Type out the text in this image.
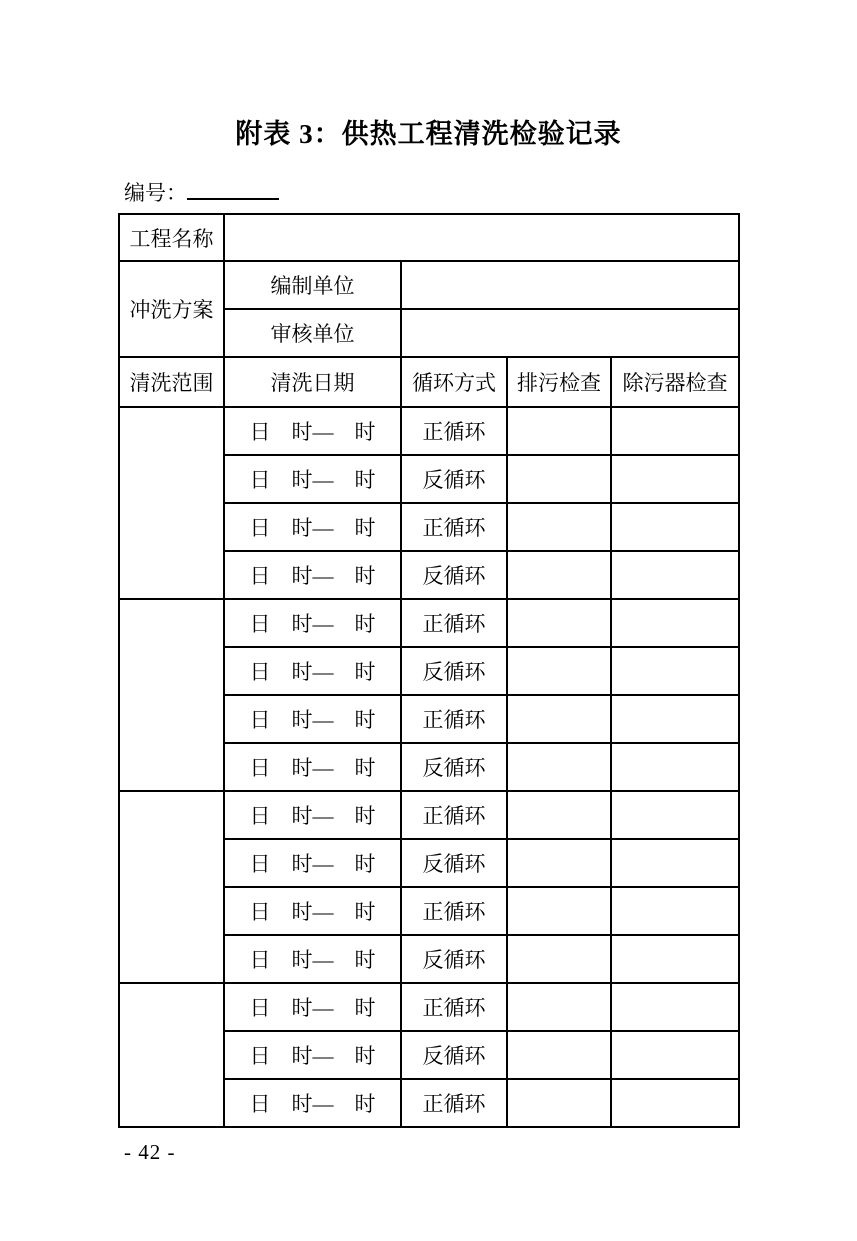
附表 3：供热工程清洗检验记录
编号：
工程名称				
冲洗方案	编制单位			
	审核单位			
清洗范围	清洗日期	循环方式	排污检查	除污器检查
	日　时—　时	正循环		
	日　时—　时	反循环		
	日　时—　时	正循环		
	日　时—　时	反循环		
	日　时—　时	正循环		
	日　时—　时	反循环		
	日　时—　时	正循环		
	日　时—　时	反循环		
	日　时—　时	正循环		
	日　时—　时	反循环		
	日　时—　时	正循环		
	日　时—　时	反循环		
	日　时—　时	正循环		
	日　时—　时	反循环		
	日　时—　时	正循环		
- 42 -
